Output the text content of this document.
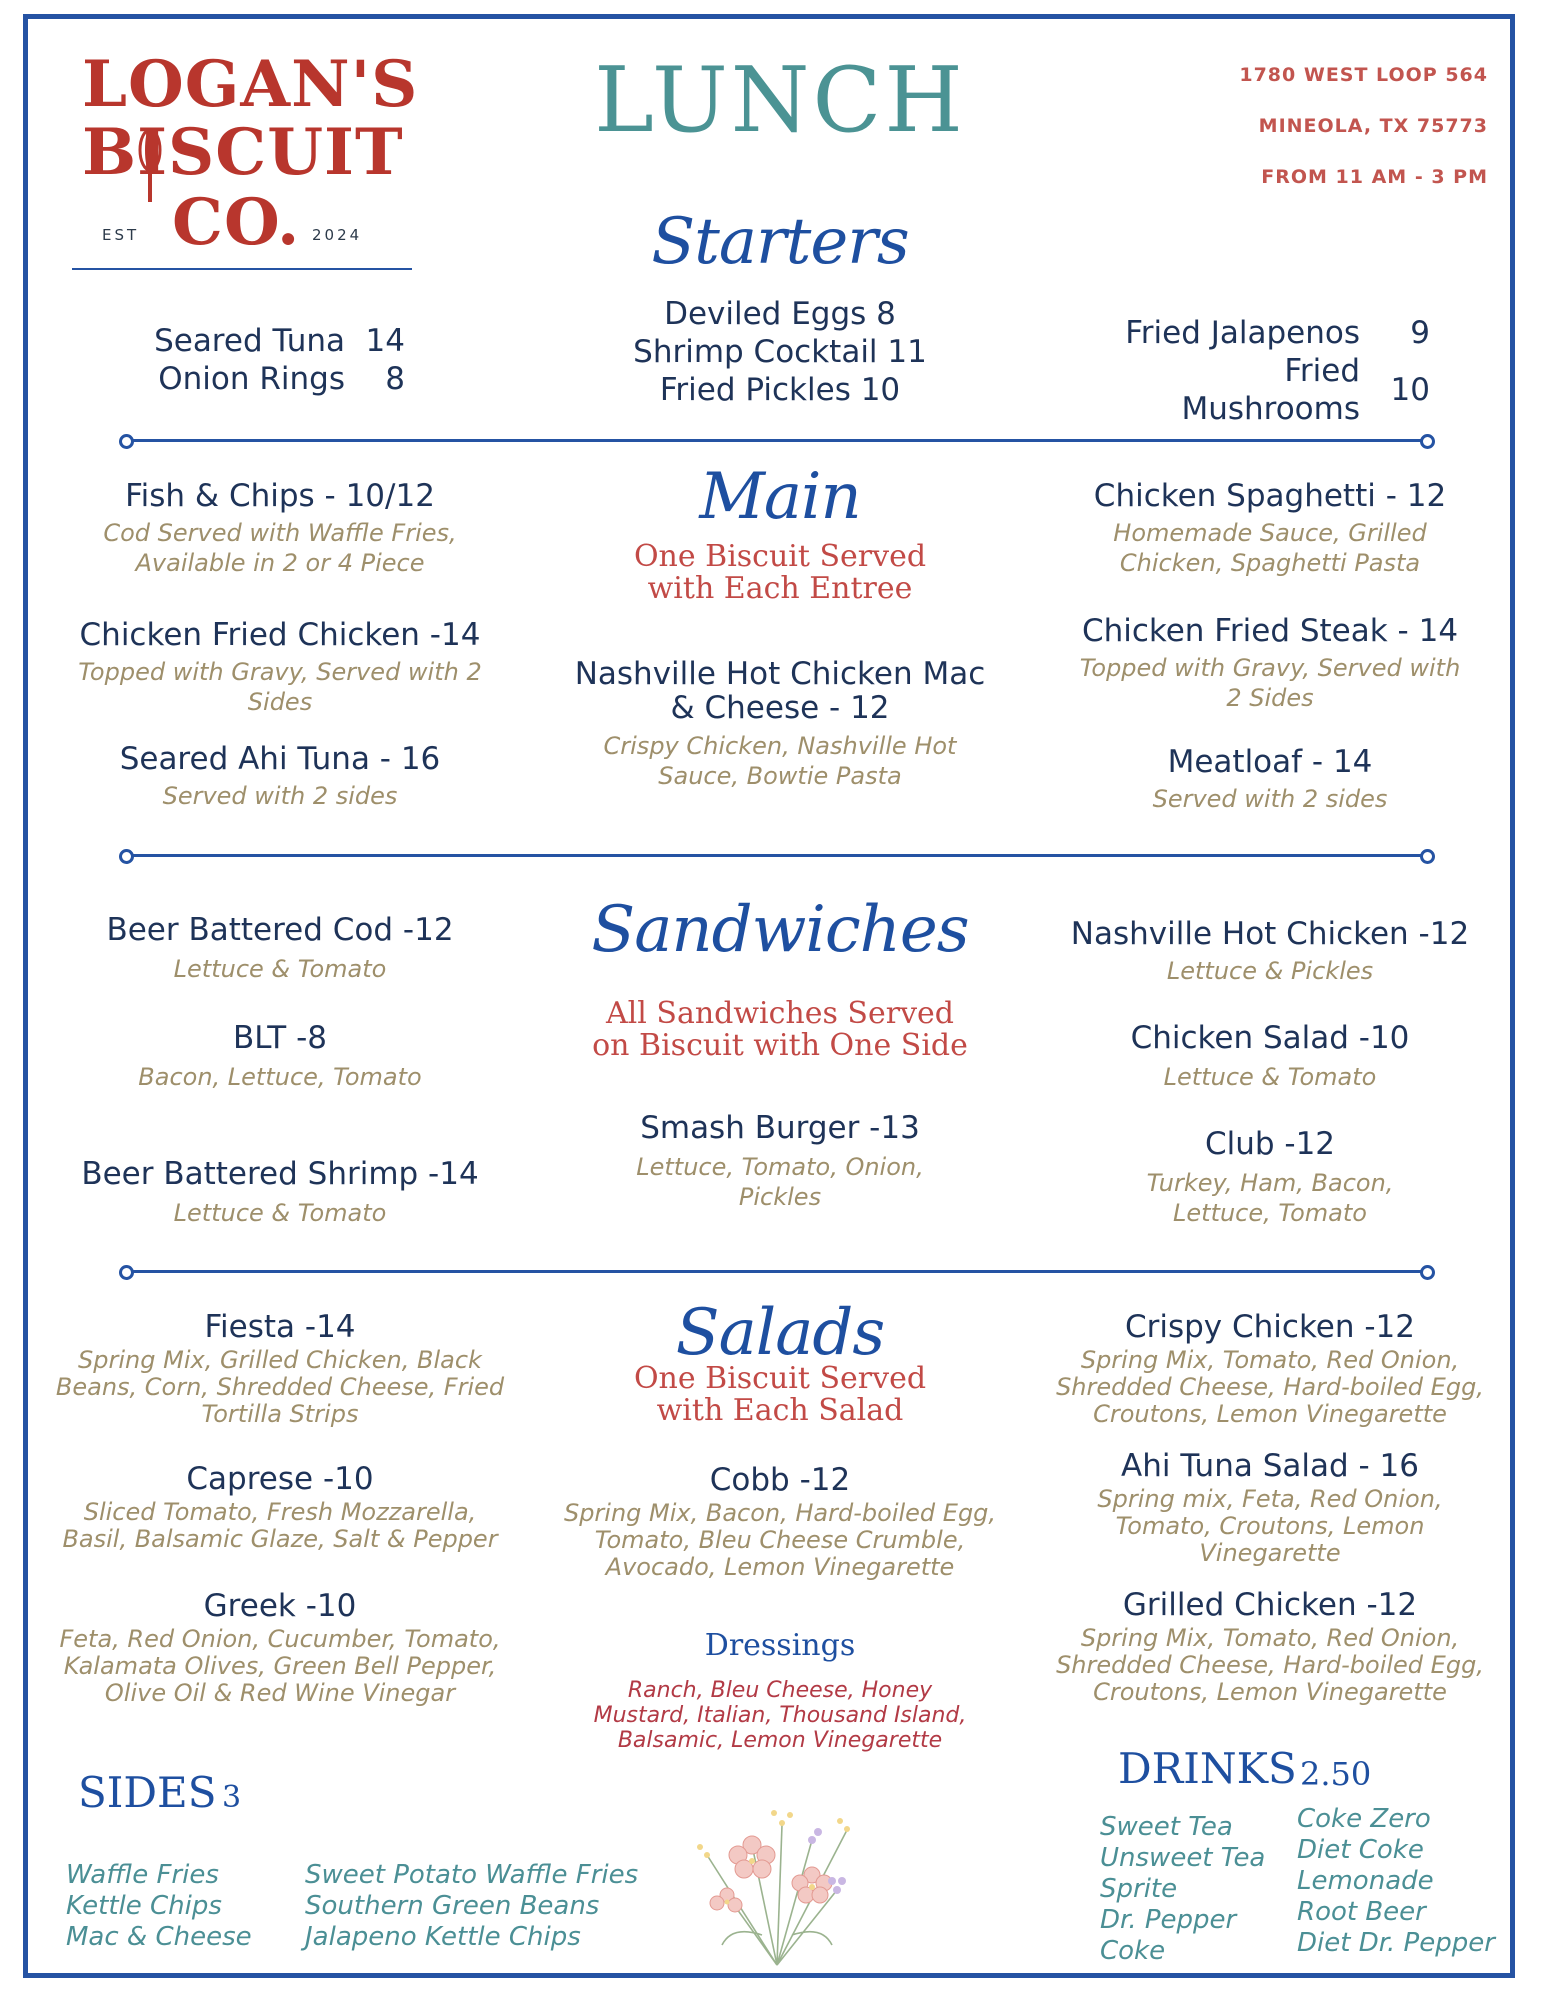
LOGAN'S
BISCUIT
EST CO. 2024
LUNCH	1780 WEST LOOP 564
MINEOLA, TX 75773
FROM 11 AM - 3 PM
Starters
Seared Tuna	14
Onion Rings	8
Deviled Eggs 8
Shrimp Cocktail 11
Fried Pickles 10
Fried Jalapenos	9
Fried Mushrooms	10
Main
One Biscuit Served
with Each Entree
Fish & Chips - 10/12
Cod Served with Waffle Fries,
Available in 2 or 4 Piece
Chicken Fried Chicken -14
Topped with Gravy, Served with 2
Sides
Seared Ahi Tuna - 16
Served with 2 sides
Nashville Hot Chicken Mac
& Cheese - 12
Crispy Chicken, Nashville Hot
Sauce, Bowtie Pasta
Chicken Spaghetti - 12
Homemade Sauce, Grilled
Chicken, Spaghetti Pasta
Chicken Fried Steak - 14
Topped with Gravy, Served with
2 Sides
Meatloaf - 14
Served with 2 sides
Sandwiches
All Sandwiches Served
on Biscuit with One Side
Beer Battered Cod -12
Lettuce & Tomato
BLT -8
Bacon, Lettuce, Tomato
Beer Battered Shrimp -14
Lettuce & Tomato
Smash Burger -13
Lettuce, Tomato, Onion,
Pickles
Nashville Hot Chicken -12
Lettuce & Pickles
Chicken Salad -10
Lettuce & Tomato
Club -12
Turkey, Ham, Bacon,
Lettuce, Tomato
Salads
One Biscuit Served
with Each Salad
Fiesta -14
Spring Mix, Grilled Chicken, Black
Beans, Corn, Shredded Cheese, Fried
Tortilla Strips
Caprese -10
Sliced Tomato, Fresh Mozzarella,
Basil, Balsamic Glaze, Salt & Pepper
Greek -10
Feta, Red Onion, Cucumber, Tomato,
Kalamata Olives, Green Bell Pepper,
Olive Oil & Red Wine Vinegar
Cobb -12
Spring Mix, Bacon, Hard-boiled Egg,
Tomato, Bleu Cheese Crumble,
Avocado, Lemon Vinegarette
Crispy Chicken -12
Spring Mix, Tomato, Red Onion,
Shredded Cheese, Hard-boiled Egg,
Croutons, Lemon Vinegarette
Ahi Tuna Salad - 16
Spring mix, Feta, Red Onion,
Tomato, Croutons, Lemon
Vinegarette
Grilled Chicken -12
Spring Mix, Tomato, Red Onion,
Shredded Cheese, Hard-boiled Egg,
Croutons, Lemon Vinegarette
Dressings
Ranch, Bleu Cheese, Honey
Mustard, Italian, Thousand Island,
Balsamic, Lemon Vinegarette
SIDES 3
Waffle Fries
Kettle Chips
Mac & Cheese
Sweet Potato Waffle Fries
Southern Green Beans
Jalapeno Kettle Chips
DRINKS 2.50
Sweet Tea
Unsweet Tea
Sprite
Dr. Pepper
Coke
Coke Zero
Diet Coke
Lemonade
Root Beer
Diet Dr. Pepper
